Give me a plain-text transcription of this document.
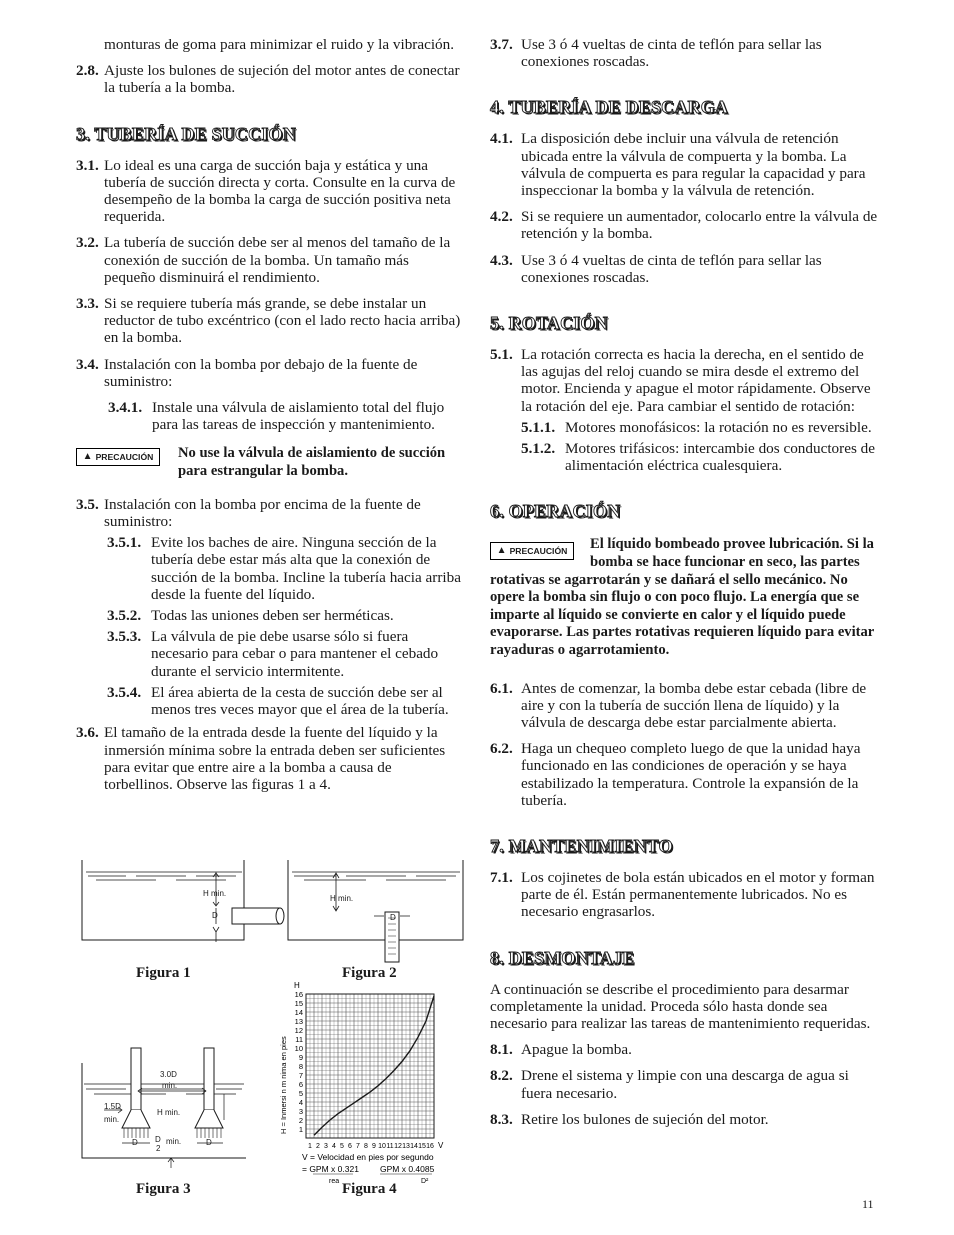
monturas de goma para minimizar el ruido y la vibración.

2.8. Ajuste los bulones de sujeción del motor antes de conectar la tubería a la bomba.
3. TUBERÍA DE SUCCIÓN
3.1. Lo ideal es una carga de succión baja y estática y una tubería de succión directa y corta. Consulte en la curva de desempeño de la bomba la carga de succión positiva neta requerida.
3.2. La tubería de succión debe ser al menos del tamaño de la conexión de succión de la bomba. Un tamaño más pequeño disminuirá el rendimiento.
3.3. Si se requiere tubería más grande, se debe instalar un reductor de tubo excéntrico (con el lado recto hacia arriba) en la bomba.
3.4. Instalación con la bomba por debajo de la fuente de suministro:
3.4.1. Instale una válvula de aislamiento total del flujo para las tareas de inspección y mantenimiento.
▲ PRECAUCIÓN No use la válvula de aislamiento de succión para estrangular la bomba.
3.5. Instalación con la bomba por encima de la fuente de suministro:
3.5.1. Evite los baches de aire. Ninguna sección de la tubería debe estar más alta que la conexión de succión de la bomba. Incline la tubería hacia arriba desde la fuente del líquido.
3.5.2. Todas las uniones deben ser herméticas.
3.5.3. La válvula de pie debe usarse sólo si fuera necesario para cebar o para mantener el cebado durante el servicio intermitente.
3.5.4. El área abierta de la cesta de succión debe ser al menos tres veces mayor que el área de la tubería.
3.6. El tamaño de la entrada desde la fuente del líquido y la inmersión mínima sobre la entrada deben ser suficientes para evitar que entre aire a la bomba a causa de torbellinos. Observe las figuras 1 a 4.
3.7. Use 3 ó 4 vueltas de cinta de teflón para sellar las conexiones roscadas.
4. TUBERÍA DE DESCARGA
4.1. La disposición debe incluir una válvula de retención ubicada entre la válvula de compuerta y la bomba. La válvula de compuerta es para regular la capacidad y para inspeccionar la bomba y la válvula de retención.
4.2. Si se requiere un aumentador, colocarlo entre la válvula de retención y la bomba.
4.3. Use 3 ó 4 vueltas de cinta de teflón para sellar las conexiones roscadas.
5. ROTACIÓN
5.1. La rotación correcta es hacia la derecha, en el sentido de las agujas del reloj cuando se mira desde el extremo del motor. Encienda y apague el motor rápidamente. Observe la rotación del eje. Para cambiar el sentido de rotación:
5.1.1. Motores monofásicos: la rotación no es reversible.
5.1.2. Motores trifásicos: intercambie dos conductores de alimentación eléctrica cualesquiera.
6. OPERACIÓN
▲ PRECAUCIÓN El líquido bombeado provee lubricación. Si la bomba se hace funcionar en seco, las partes rotativas se agarrotarán y se dañará el sello mecánico. No opere la bomba sin flujo o con poco flujo. La energía que se imparte al líquido se convierte en calor y el líquido puede evaporarse. Las partes rotativas requieren líquido para evitar rayaduras o agarrotamiento.
6.1. Antes de comenzar, la bomba debe estar cebada (libre de aire y con la tubería de succión llena de líquido) y la válvula de descarga debe estar parcialmente abierta.
6.2. Haga un chequeo completo luego de que la unidad haya funcionado en las condiciones de operación y se haya estabilizado la temperatura. Controle la expansión de la tubería.
7. MANTENIMIENTO
7.1. Los cojinetes de bola están ubicados en el motor y forman parte de él. Están permanentemente lubricados. No es necesario engrasarlos.
8. DESMONTAJE

A continuación se describe el procedimiento para desarmar completamente la unidad. Proceda sólo hasta donde sea necesario para realizar las tareas de mantenimiento requeridas.

8.1. Apague la bomba.
8.2. Drene el sistema y limpie con una descarga de agua si fuera necesario.
8.3. Retire los bulones de sujeción del motor.
1
2
3
4
5
6
7
8
9
10
11
12
13
14
15
16
1 2 3 4 5 6 7 8 9 10 11 12 13 14 15 16
H
V
H = Inmersi n m nima en pies
V = Velocidad en pies por segundo
= GPM x 0.321
rea
GPM x 0.4085
D²
H min.
D
H min.
D
3.0D
min.
1.5D
min.
H min.
D D
2
min.	D
Figura 1	Figura 2
Figura 3	Figura 4
11
